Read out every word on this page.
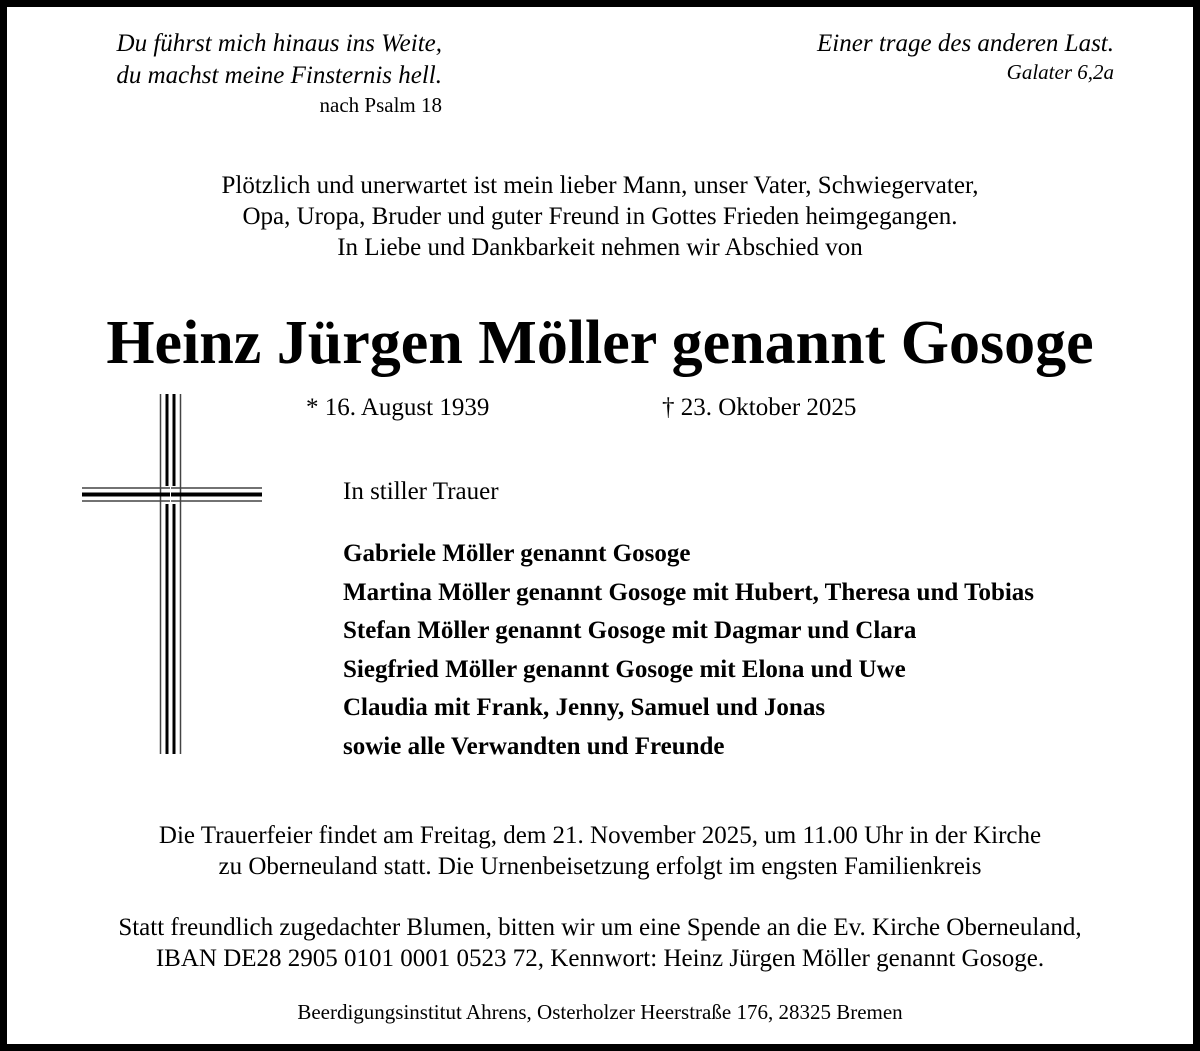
Du führst mich hinaus ins Weite,
du machst meine Finsternis hell.
nach Psalm 18
Einer trage des anderen Last.
Galater 6,2a
Plötzlich und unerwartet ist mein lieber Mann, unser Vater, Schwiegervater,
Opa, Uropa, Bruder und guter Freund in Gottes Frieden heimgegangen.
In Liebe und Dankbarkeit nehmen wir Abschied von
Heinz Jürgen Möller genannt Gosoge
* 16. August 1939	† 23. Oktober 2025
In stiller Trauer
Gabriele Möller genannt Gosoge
Martina Möller genannt Gosoge mit Hubert, Theresa und Tobias
Stefan Möller genannt Gosoge mit Dagmar und Clara
Siegfried Möller genannt Gosoge mit Elona und Uwe
Claudia mit Frank, Jenny, Samuel und Jonas
sowie alle Verwandten und Freunde
Die Trauerfeier findet am Freitag, dem 21. November 2025, um 11.00 Uhr in der Kirche
zu Oberneuland statt. Die Urnenbeisetzung erfolgt im engsten Familienkreis
Statt freundlich zugedachter Blumen, bitten wir um eine Spende an die Ev. Kirche Oberneuland,
IBAN DE28 2905 0101 0001 0523 72, Kennwort: Heinz Jürgen Möller genannt Gosoge.
Beerdigungsinstitut Ahrens, Osterholzer Heerstraße 176, 28325 Bremen
